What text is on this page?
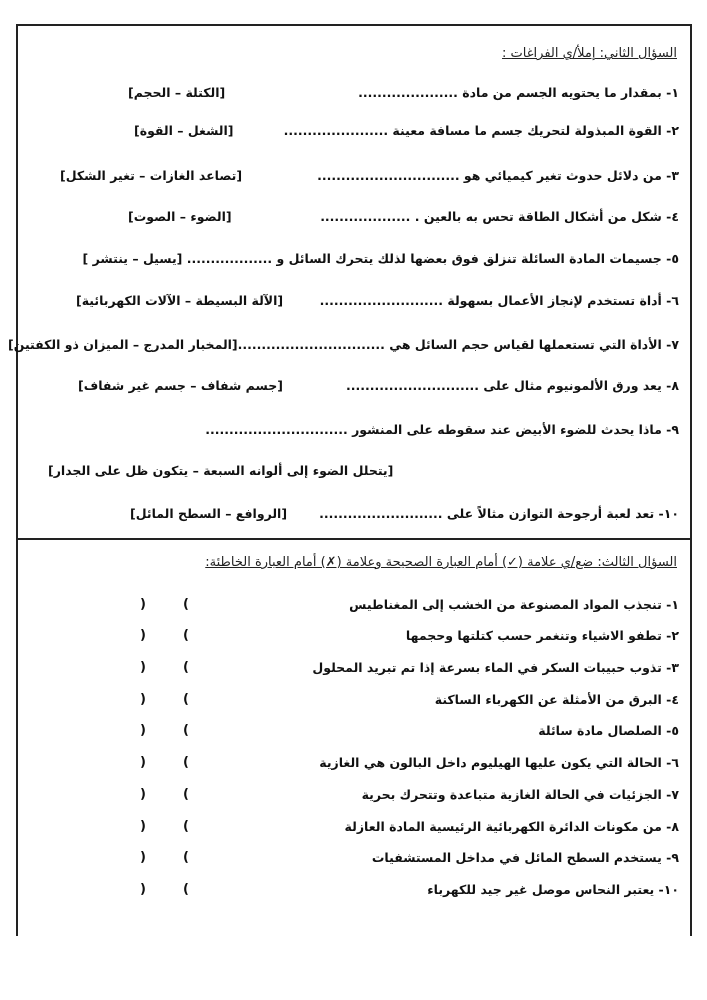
السؤال الثاني: إملأ/ي الفراغات :
١- بمقدار ما يحتويه الجسم من مادة .....................
[الكتلة – الحجم]
٢- القوة المبذولة لتحريك جسم ما مسافة معينة ......................
[الشغل – القوة]
٣- من دلائل حدوث تغير كيميائي هو ..............................
[تصاعد الغازات – تغير الشكل]
٤- شكل من أشكال الطاقة تحس به بالعين . ...................
[الضوء – الصوت]
٥- جسيمات المادة السائلة تنزلق فوق بعضها لذلك يتحرك السائل و .................. [يسيل – ينتشر ]
٦- أداة تستخدم لإنجاز الأعمال بسهولة ..........................
[الآلة البسيطة – الآلات الكهربائية]
٧- الأداة التي تستعملها لقياس حجم السائل هي ...............................[المخبار المدرج – الميزان ذو الكفتين]
٨- يعد ورق الألمونيوم مثال على ............................
[جسم شفاف – جسم غير شفاف]
٩- ماذا يحدث للضوء الأبيض عند سقوطه على المنشور ..............................
[يتحلل الضوء إلى ألوانه السبعة – يتكون ظل على الجدار]
١٠- تعد لعبة أرجوحة التوازن مثالاً على ..........................
[الروافع – السطح المائل]
السؤال الثالث: ضع/ي علامة (✓) أمام العبارة الصحيحة وعلامة (✗) أمام العبارة الخاطئة:
١- تنجذب المواد المصنوعة من الخشب إلى المغناطيس
(
)
٢- تطفو الاشياء وتنغمر حسب كتلتها وحجمها
(
)
٣- تذوب حبيبات السكر في الماء بسرعة إذا تم تبريد المحلول
(
)
٤- البرق من الأمثلة عن الكهرباء الساكنة
(
)
٥- الصلصال مادة سائلة
(
)
٦- الحالة التي يكون عليها الهيليوم داخل البالون هي الغازية
(
)
٧- الجزئيات في الحالة الغازية متباعدة وتتحرك بحرية
(
)
٨- من مكونات الدائرة الكهربائية الرئيسية المادة العازلة
(
)
٩- يستخدم السطح المائل في مداخل المستشفيات
(
)
١٠- يعتبر النحاس موصل غير جيد للكهرباء
(
)
